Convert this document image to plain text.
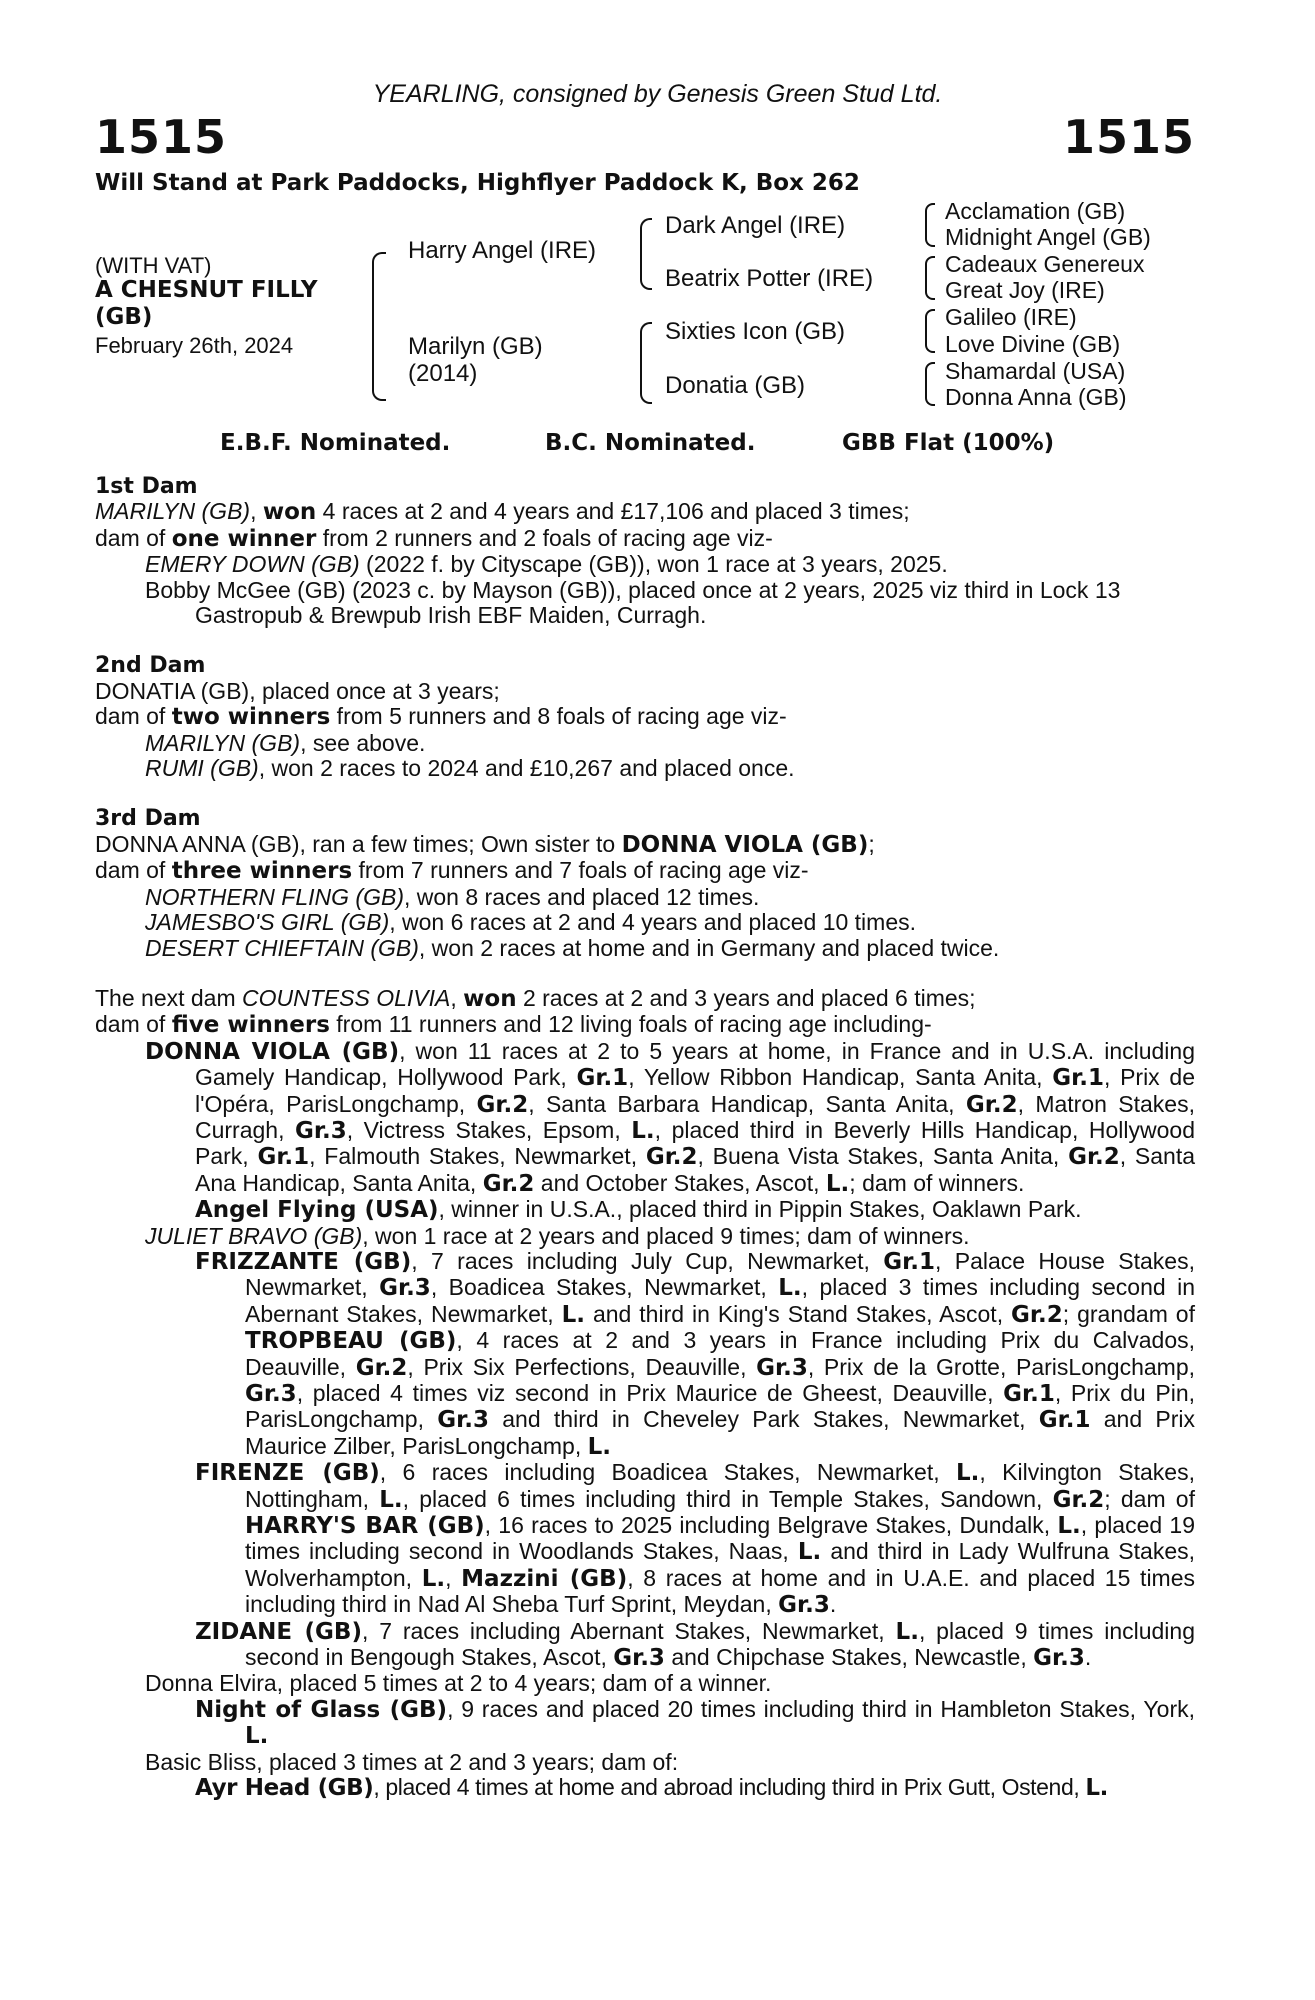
YEARLING, consigned by Genesis Green Stud Ltd.
1515	1515
Will Stand at Park Paddocks, Highflyer Paddock K, Box 262
(WITH VAT)
A CHESNUT FILLY
(GB)
February 26th, 2024
Harry Angel (IRE)
Marilyn (GB)
(2014)
Dark Angel (IRE)
Beatrix Potter (IRE)
Sixties Icon (GB)
Donatia (GB)
Acclamation (GB)
Midnight Angel (GB)
Cadeaux Genereux
Great Joy (IRE)
Galileo (IRE)
Love Divine (GB)
Shamardal (USA)
Donna Anna (GB)
E.B.F. Nominated.	B.C. Nominated.	GBB Flat (100%)

1st Dam

MARILYN (GB), won 4 races at 2 and 4 years and £17,106 and placed 3 times;

dam of one winner from 2 runners and 2 foals of racing age viz-

EMERY DOWN (GB) (2022 f. by Cityscape (GB)), won 1 race at 3 years, 2025.

Bobby McGee (GB) (2023 c. by Mayson (GB)), placed once at 2 years, 2025 viz third in Lock 13 Gastropub & Brewpub Irish EBF Maiden, Curragh.

2nd Dam

DONATIA (GB), placed once at 3 years;

dam of two winners from 5 runners and 8 foals of racing age viz-

MARILYN (GB), see above.

RUMI (GB), won 2 races to 2024 and £10,267 and placed once.

3rd Dam

DONNA ANNA (GB), ran a few times; Own sister to DONNA VIOLA (GB);

dam of three winners from 7 runners and 7 foals of racing age viz-

NORTHERN FLING (GB), won 8 races and placed 12 times.

JAMESBO'S GIRL (GB), won 6 races at 2 and 4 years and placed 10 times.

DESERT CHIEFTAIN (GB), won 2 races at home and in Germany and placed twice.

The next dam COUNTESS OLIVIA, won 2 races at 2 and 3 years and placed 6 times;

dam of five winners from 11 runners and 12 living foals of racing age including-

DONNA VIOLA (GB), won 11 races at 2 to 5 years at home, in France and in U.S.A. including Gamely Handicap, Hollywood Park, Gr.1, Yellow Ribbon Handicap, Santa Anita, Gr.1, Prix de l'Opéra, ParisLongchamp, Gr.2, Santa Barbara Handicap, Santa Anita, Gr.2, Matron Stakes, Curragh, Gr.3, Victress Stakes, Epsom, L., placed third in Beverly Hills Handicap, Hollywood Park, Gr.1, Falmouth Stakes, Newmarket, Gr.2, Buena Vista Stakes, Santa Anita, Gr.2, Santa Ana Handicap, Santa Anita, Gr.2 and October Stakes, Ascot, L.; dam of winners.

Angel Flying (USA), winner in U.S.A., placed third in Pippin Stakes, Oaklawn Park.

JULIET BRAVO (GB), won 1 race at 2 years and placed 9 times; dam of winners.

FRIZZANTE (GB), 7 races including July Cup, Newmarket, Gr.1, Palace House Stakes, Newmarket, Gr.3, Boadicea Stakes, Newmarket, L., placed 3 times including second in Abernant Stakes, Newmarket, L. and third in King's Stand Stakes, Ascot, Gr.2; grandam of TROPBEAU (GB), 4 races at 2 and 3 years in France including Prix du Calvados, Deauville, Gr.2, Prix Six Perfections, Deauville, Gr.3, Prix de la Grotte, ParisLongchamp, Gr.3, placed 4 times viz second in Prix Maurice de Gheest, Deauville, Gr.1, Prix du Pin, ParisLongchamp, Gr.3 and third in Cheveley Park Stakes, Newmarket, Gr.1 and Prix Maurice Zilber, ParisLongchamp, L.

FIRENZE (GB), 6 races including Boadicea Stakes, Newmarket, L., Kilvington Stakes, Nottingham, L., placed 6 times including third in Temple Stakes, Sandown, Gr.2; dam of HARRY'S BAR (GB), 16 races to 2025 including Belgrave Stakes, Dundalk, L., placed 19 times including second in Woodlands Stakes, Naas, L. and third in Lady Wulfruna Stakes, Wolverhampton, L., Mazzini (GB), 8 races at home and in U.A.E. and placed 15 times including third in Nad Al Sheba Turf Sprint, Meydan, Gr.3.

ZIDANE (GB), 7 races including Abernant Stakes, Newmarket, L., placed 9 times including second in Bengough Stakes, Ascot, Gr.3 and Chipchase Stakes, Newcastle, Gr.3.

Donna Elvira, placed 5 times at 2 to 4 years; dam of a winner.

Night of Glass (GB), 9 races and placed 20 times including third in Hambleton Stakes, York, L.

Basic Bliss, placed 3 times at 2 and 3 years; dam of:

Ayr Head (GB), placed 4 times at home and abroad including third in Prix Gutt, Ostend, L.
